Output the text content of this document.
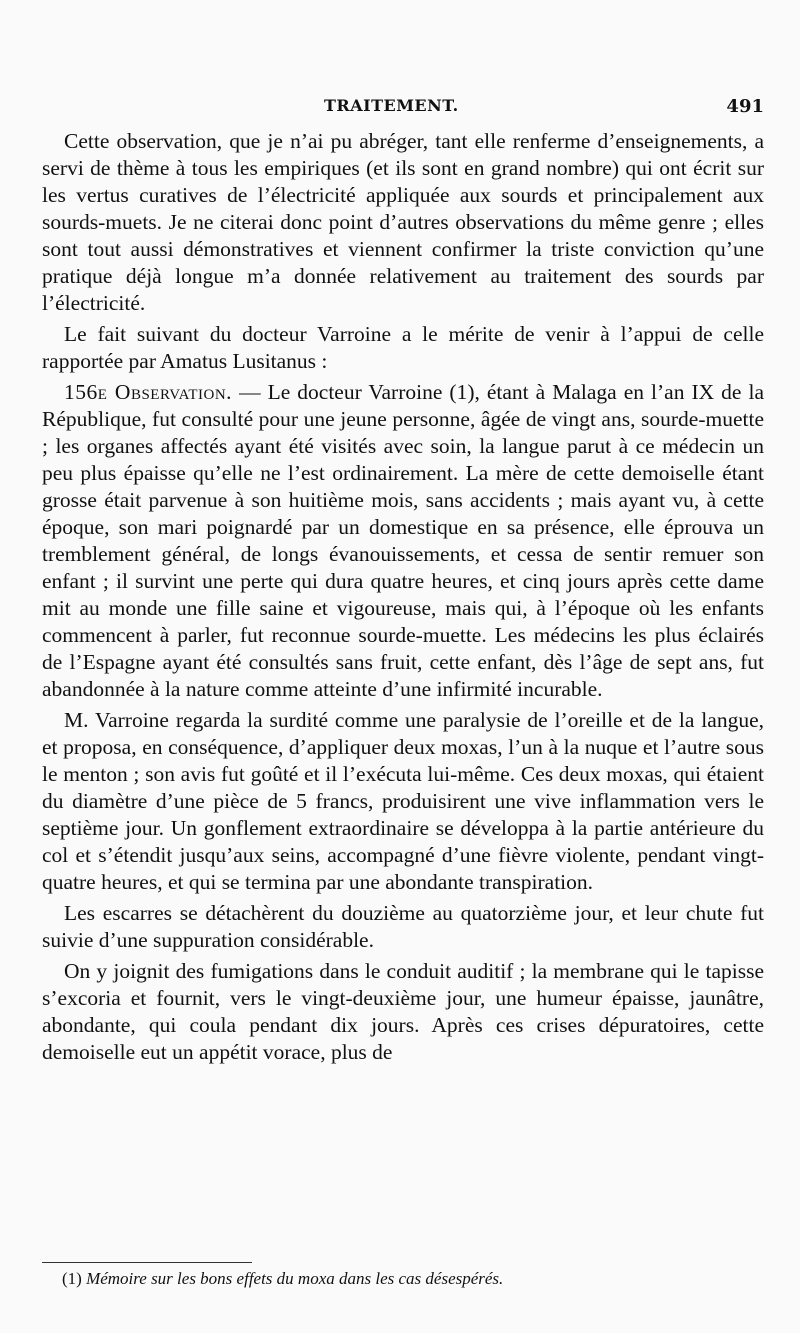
TRAITEMENT.	491

Cette observation, que je n’ai pu abréger, tant elle renferme d’enseignements, a servi de thème à tous les empiriques (et ils sont en grand nombre) qui ont écrit sur les vertus curatives de l’électricité appliquée aux sourds et principalement aux sourds-muets. Je ne citerai donc point d’autres observations du même genre ; elles sont tout aussi démonstratives et viennent confirmer la triste conviction qu’une pratique déjà longue m’a donnée relativement au traitement des sourds par l’électricité.

Le fait suivant du docteur Varroine a le mérite de venir à l’appui de celle rapportée par Amatus Lusitanus :

156e Observation. — Le docteur Varroine (1), étant à Malaga en l’an IX de la République, fut consulté pour une jeune personne, âgée de vingt ans, sourde-muette ; les organes affectés ayant été visités avec soin, la langue parut à ce médecin un peu plus épaisse qu’elle ne l’est ordinairement. La mère de cette demoiselle étant grosse était parvenue à son huitième mois, sans accidents ; mais ayant vu, à cette époque, son mari poignardé par un domestique en sa présence, elle éprouva un tremblement général, de longs évanouissements, et cessa de sentir remuer son enfant ; il survint une perte qui dura quatre heures, et cinq jours après cette dame mit au monde une fille saine et vigoureuse, mais qui, à l’époque où les enfants commencent à parler, fut reconnue sourde-muette. Les médecins les plus éclairés de l’Espagne ayant été consultés sans fruit, cette enfant, dès l’âge de sept ans, fut abandonnée à la nature comme atteinte d’une infirmité incurable.

M. Varroine regarda la surdité comme une paralysie de l’oreille et de la langue, et proposa, en conséquence, d’appliquer deux moxas, l’un à la nuque et l’autre sous le menton ; son avis fut goûté et il l’exécuta lui-même. Ces deux moxas, qui étaient du diamètre d’une pièce de 5 francs, produisirent une vive inflammation vers le septième jour. Un gonflement extraordinaire se développa à la partie antérieure du col et s’étendit jusqu’aux seins, accompagné d’une fièvre violente, pendant vingt-quatre heures, et qui se termina par une abondante transpiration.

Les escarres se détachèrent du douzième au quatorzième jour, et leur chute fut suivie d’une suppuration considérable.

On y joignit des fumigations dans le conduit auditif ; la membrane qui le tapisse s’excoria et fournit, vers le vingt-deuxième jour, une humeur épaisse, jaunâtre, abondante, qui coula pendant dix jours. Après ces crises dépuratoires, cette demoiselle eut un appétit vorace, plus de

(1) Mémoire sur les bons effets du moxa dans les cas désespérés.
